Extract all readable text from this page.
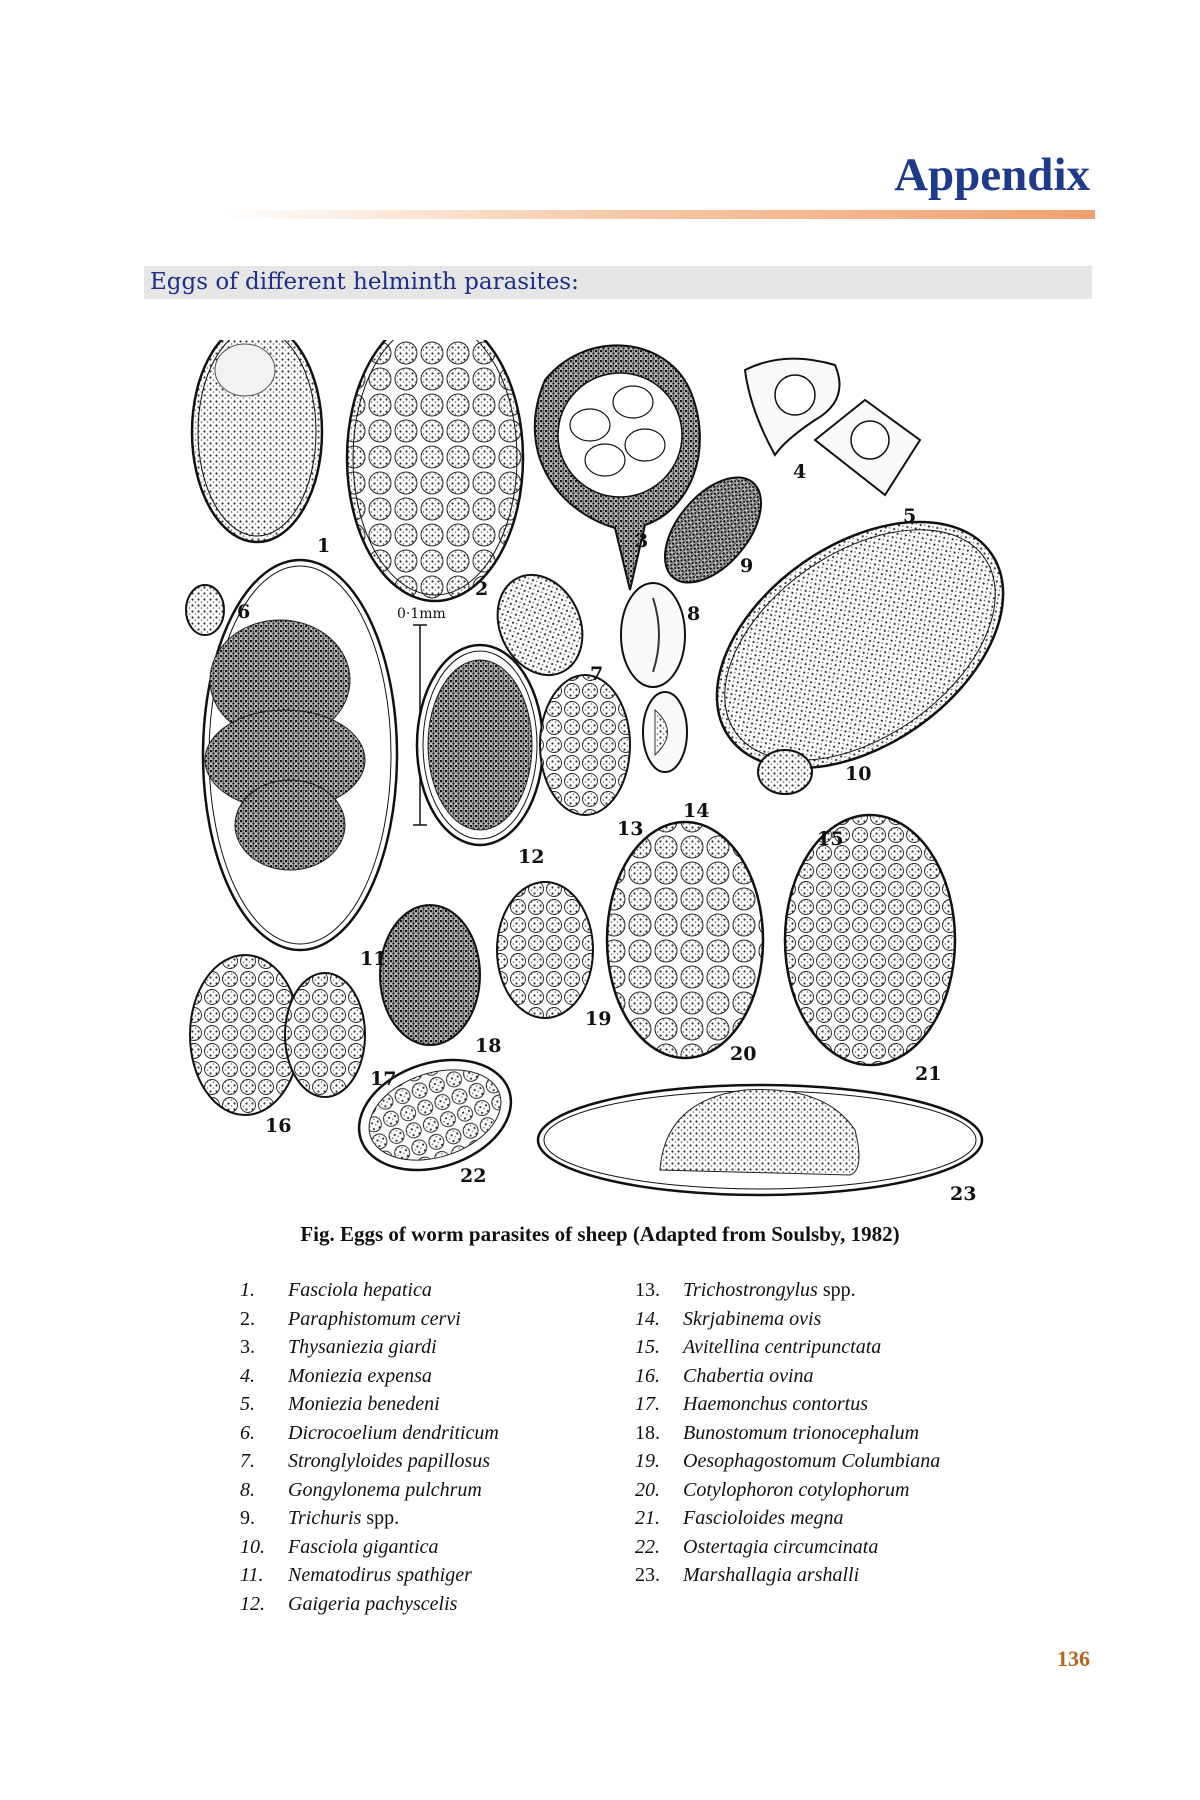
Appendix
Eggs of different helminth parasites:
0·1mm
1
2
3
4
5
6
7
8
9
10
11
12
13
14
15
16
17
18
19
20
21
22
23
Fig. Eggs of worm parasites of sheep (Adapted from Soulsby, 1982)
1.	Fasciola hepatica
2.	Paraphistomum cervi
3.	Thysaniezia giardi
4.	Moniezia expensa
5.	Moniezia benedeni
6.	Dicrocoelium dendriticum
7.	Stronglyloides papillosus
8.	Gongylonema pulchrum
9.	Trichuris spp.
10.	Fasciola gigantica
11.	Nematodirus spathiger
12.	Gaigeria pachyscelis
13.	Trichostrongylus spp.
14.	Skrjabinema ovis
15.	Avitellina centripunctata
16.	Chabertia ovina
17.	Haemonchus contortus
18.	Bunostomum trionocephalum
19.	Oesophagostomum Columbiana
20.	Cotylophoron cotylophorum
21.	Fascioloides megna
22.	Ostertagia circumcinata
23.	Marshallagia arshalli
136
